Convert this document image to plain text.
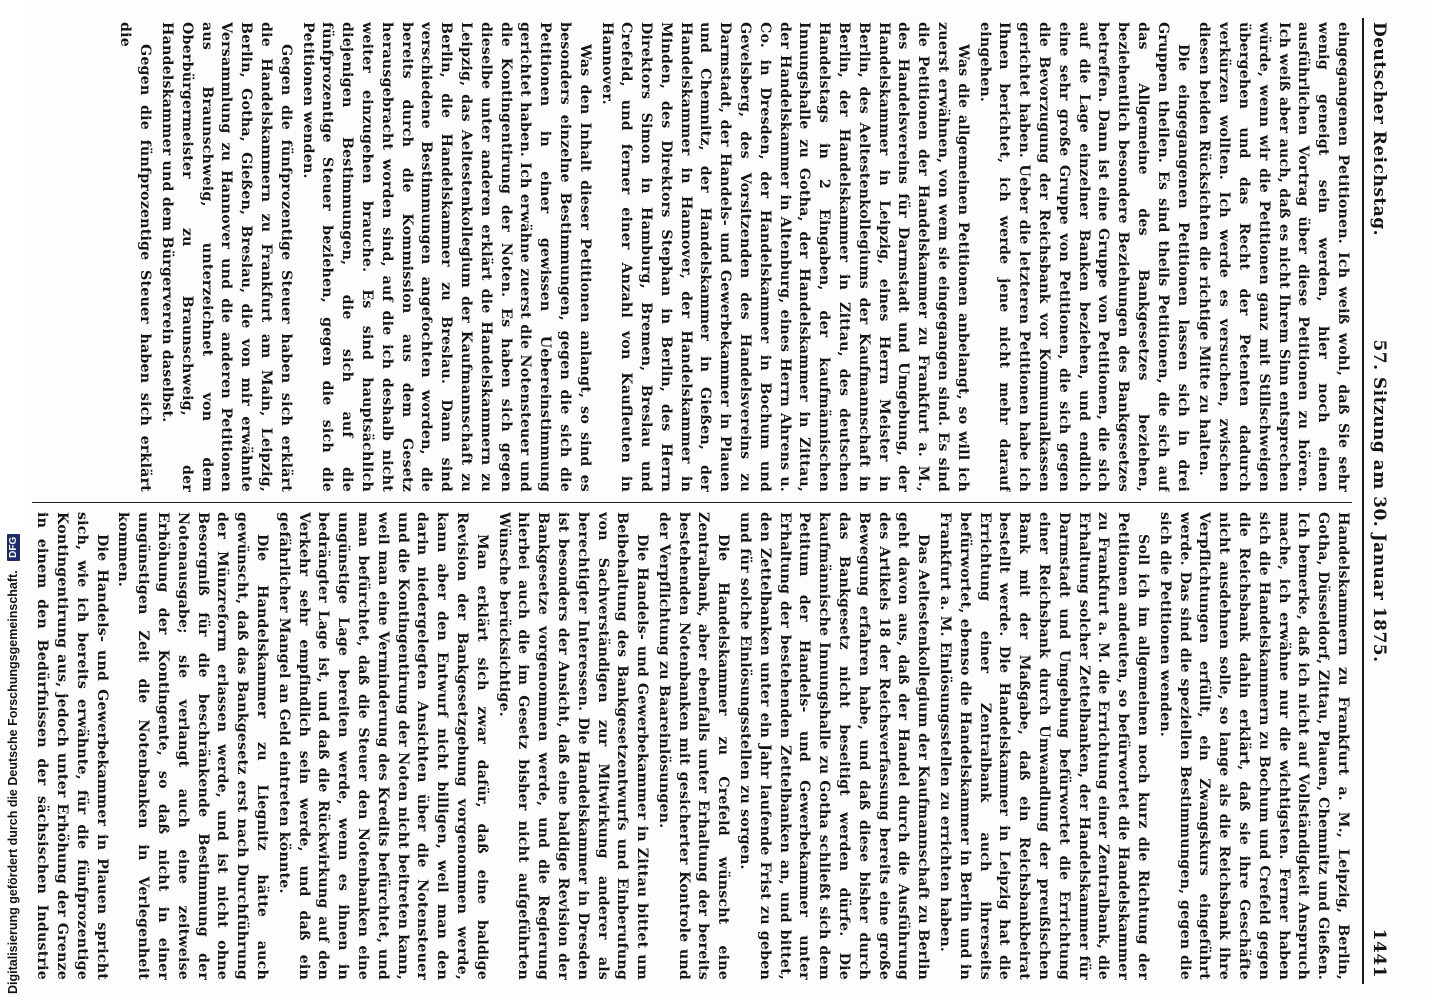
Deutscher Reichstag.
57. Sitzung am 30. Januar 1875.
1441

eingegangenen Petitionen. Ich weiß wohl, daß Sie sehr wenig geneigt sein werden, hier noch einen ausführlichen Vortrag über diese Petitionen zu hören. Ich weiß aber auch, daß es nicht Ihrem Sinn entsprechen würde, wenn wir die Petitionen ganz mit Stillschweigen übergehen und das Recht der Petenten dadurch verkürzen wollten. Ich werde es versuchen, zwischen diesen beiden Rücksichten die richtige Mitte zu halten.

Die eingegangenen Petitionen lassen sich in drei Gruppen theilen. Es sind theils Petitionen, die sich auf das Allgemeine des Bankgesetzes beziehen, beziehentlich besondere Beziehungen des Bankgesetzes betreffen. Dann ist eine Gruppe von Petitionen, die sich auf die Lage einzelner Banken beziehen, und endlich eine sehr große Gruppe von Petitionen, die sich gegen die Bevorzugung der Reichsbank vor Kommunalkassen gerichtet haben. Ueber die letzteren Petitionen habe ich Ihnen berichtet, ich werde jene nicht mehr darauf eingehen.

Was die allgemeinen Petitionen anbelangt, so will ich zuerst erwähnen, von wem sie eingegangen sind. Es sind die Petitionen der Handelskammer zu Frankfurt a. M., des Handelsvereins für Darmstadt und Umgebung, der Handelskammer in Leipzig, eines Herrn Meister in Berlin, des Aeltestenkollegiums der Kaufmannschaft in Berlin, der Handelskammer in Zittau, des deutschen Handelstags in 2 Eingaben, der kaufmännischen Innungshalle zu Gotha, der Handelskammer in Zittau, der Handelskammer in Altenburg, eines Herrn Ahrens u. Co. in Dresden, der Handelskammer in Bochum und Gevelsberg, des Vorsitzenden des Handelsvereins zu Darmstadt, der Handels- und Gewerbekammer in Plauen und Chemnitz, der Handelskammer in Gießen, der Handelskammer in Hannover, der Handelskammer in Minden, des Direktors Stephan in Berlin, des Herrn Direktors Simon in Hamburg, Bremen, Breslau und Crefeld, und ferner einer Anzahl von Kaufleuten in Hannover.

Was den Inhalt dieser Petitionen anlangt, so sind es besonders einzelne Bestimmungen, gegen die sich die Petitionen in einer gewissen Uebereinstimmung gerichtet haben. Ich erwähne zuerst die Notensteuer und die Kontingentirung der Noten. Es haben sich gegen dieselbe unter anderen erklärt die Handelskammern zu Leipzig, das Aeltestenkollegium der Kaufmannschaft zu Berlin, die Handelskammer zu Breslau. Dann sind verschiedene Bestimmungen angefochten worden, die bereits durch die Kommission aus dem Gesetz herausgebracht worden sind, auf die ich deshalb nicht weiter einzugehen brauche. Es sind hauptsächlich diejenigen Bestimmungen, die sich auf die fünfprozentige Steuer beziehen, gegen die sich die Petitionen wenden.

Gegen die fünfprozentige Steuer haben sich erklärt die Handelskammern zu Frankfurt am Main, Leipzig, Berlin, Gotha, Gießen, Breslau, die von mir erwähnte Versammlung zu Hannover und die anderen Petitionen aus Braunschweig, unterzeichnet von dem Oberbürgermeister zu Braunschweig, der Handelskammer und dem Bürgerverein daselbst.

Gegen die fünfprozentige Steuer haben sich erklärt die

Handelskammern zu Frankfurt a. M., Leipzig, Berlin, Gotha, Düsseldorf, Zittau, Plauen, Chemnitz und Gießen. Ich bemerke, daß ich nicht auf Vollständigkeit Anspruch mache, ich erwähne nur die wichtigsten. Ferner haben sich die Handelskammern zu Bochum und Crefeld gegen die Reichsbank dahin erklärt, daß sie ihre Geschäfte nicht ausdehnen solle, so lange als die Reichsbank ihre Verpflichtungen erfüllt, ein Zwangskurs eingeführt werde. Das sind die speziellen Bestimmungen, gegen die sich die Petitionen wenden.

Soll ich im allgemeinen noch kurz die Richtung der Petitionen andeuten, so befürwortet die Handelskammer zu Frankfurt a. M. die Errichtung einer Zentralbank, die Erhaltung solcher Zettelbanken, der Handelskammer für Darmstadt und Umgebung befürwortet die Errichtung einer Reichsbank durch Umwandlung der preußischen Bank mit der Maßgabe, daß ein Reichsbankbeirat bestellt werde. Die Handelskammer in Leipzig hat die Errichtung einer Zentralbank auch ihrerseits befürwortet, ebenso die Handelskammer in Berlin und in Frankfurt a. M. Einlösungsstellen zu errichten haben.

Das Aeltestenkollegium der Kaufmannschaft zu Berlin geht davon aus, daß der Handel durch die Ausführung des Artikels 18 der Reichsverfassung bereits eine große Bewegung erfahren habe, und daß diese bisher durch das Bankgesetz nicht beseitigt werden dürfe. Die kaufmännische Innungshalle zu Gotha schließt sich dem Petitum der Handels- und Gewerbekammer unter Erhaltung der bestehenden Zettelbanken an, und bittet, den Zettelbanken unter ein Jahr laufende Frist zu geben und für solche Einlösungsstellen zu sorgen.

Die Handelskammer zu Crefeld wünscht eine Zentralbank, aber ebenfalls unter Erhaltung der bereits bestehenden Notenbanken mit gesicherter Kontrole und der Verpflichtung zu Baareinlösungen.

Die Handels- und Gewerbekammer in Zittau bittet um Beibehaltung des Bankgesetzentwurfs und Einberufung von Sachverständigen zur Mitwirkung anderer als berechtigter Interessen. Die Handelskammer in Dresden ist besonders der Ansicht, daß eine baldige Revision der Bankgesetze vorgenommen werde, und die Regierung hierbei auch die im Gesetz bisher nicht aufgeführten Wünsche berücksichtige.

Man erklärt sich zwar dafür, daß eine baldige Revision der Bankgesetzgebung vorgenommen werde, kann aber den Entwurf nicht billigen, weil man den darin niedergelegten Ansichten über die Notensteuer und die Kontingentirung der Noten nicht beitreten kann, weil man eine Verminderung des Kredits befürchtet, und man befürchtet, daß die Steuer den Notenbanken eine ungünstige Lage bereiten werde, wenn es ihnen in bedrängter Lage ist, und daß die Rückwirkung auf den Verkehr sehr empfindlich sein werde, und daß ein gefährlicher Mangel an Geld eintreten könnte.

Die Handelskammer zu Liegnitz hätte auch gewünscht, daß das Bankgesetz erst nach Durchführung der Münzreform erlassen werde, und ist nicht ohne Besorgniß für die beschränkende Bestimmung der Notenausgabe; sie verlangt auch eine zeitweise Erhöhung der Kontingente, so daß nicht in einer ungünstigen Zeit die Notenbanken in Verlegenheit kommen.

Die Handels- und Gewerbekammer in Plauen spricht sich, wie ich bereits erwähnte, für die fünfprozentige Kontingentirung aus, jedoch unter Erhöhung der Grenze in einem den Bedürfnissen der sächsischen Industrie

Digitalisierung gefördert durch die Deutsche Forschungsgemeinschaft. DFG
